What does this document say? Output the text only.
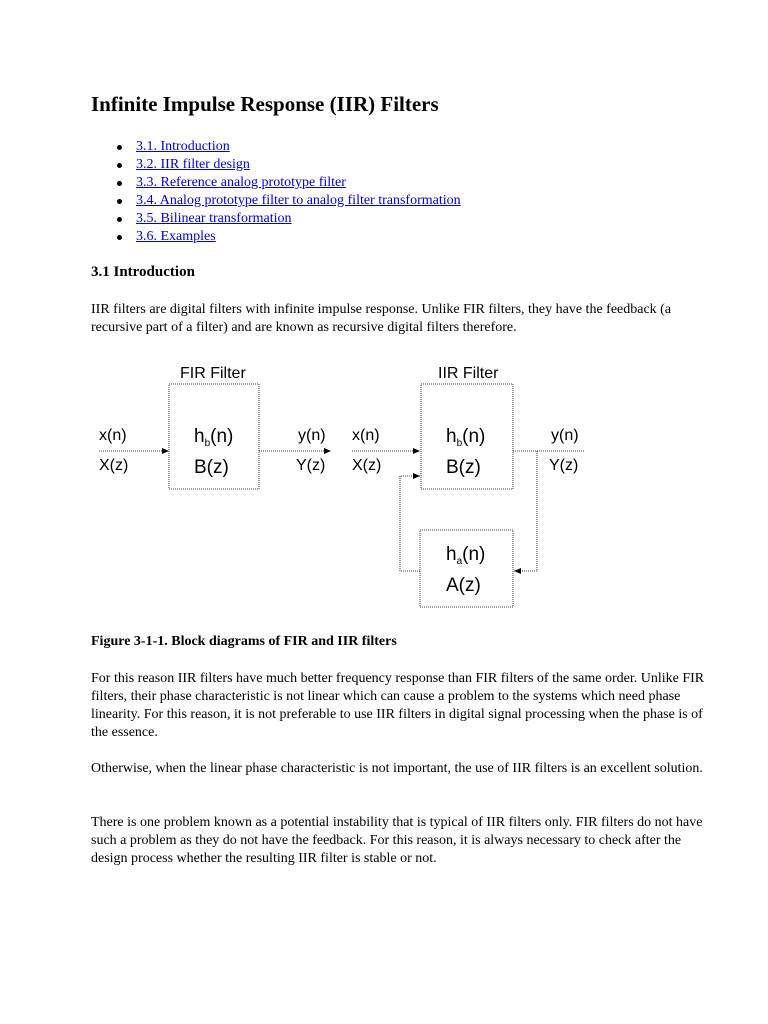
Infinite Impulse Response (IIR) Filters
3.1. Introduction
3.2. IIR filter design
3.3. Reference analog prototype filter
3.4. Analog prototype filter to analog filter transformation
3.5. Bilinear transformation
3.6. Examples
3.1 Introduction

IIR filters are digital filters with infinite impulse response. Unlike FIR filters, they have the feedback (a recursive part of a filter) and are known as recursive digital filters therefore.

FIR Filter	IIR Filter
x(n)
X(z)
$h_b(n)$
B(z)
y(n)
Y(z)
x(n)
X(z)
$h_b(n)$
B(z)
y(n)
Y(z)
$h_a(n)$
A(z)

Figure 3-1-1. Block diagrams of FIR and IIR filters

For this reason IIR filters have much better frequency response than FIR filters of the same order. Unlike FIR filters, their phase characteristic is not linear which can cause a problem to the systems which need phase linearity. For this reason, it is not preferable to use IIR filters in digital signal processing when the phase is of the essence.

Otherwise, when the linear phase characteristic is not important, the use of IIR filters is an excellent solution.

There is one problem known as a potential instability that is typical of IIR filters only. FIR filters do not have such a problem as they do not have the feedback. For this reason, it is always necessary to check after the design process whether the resulting IIR filter is stable or not.
